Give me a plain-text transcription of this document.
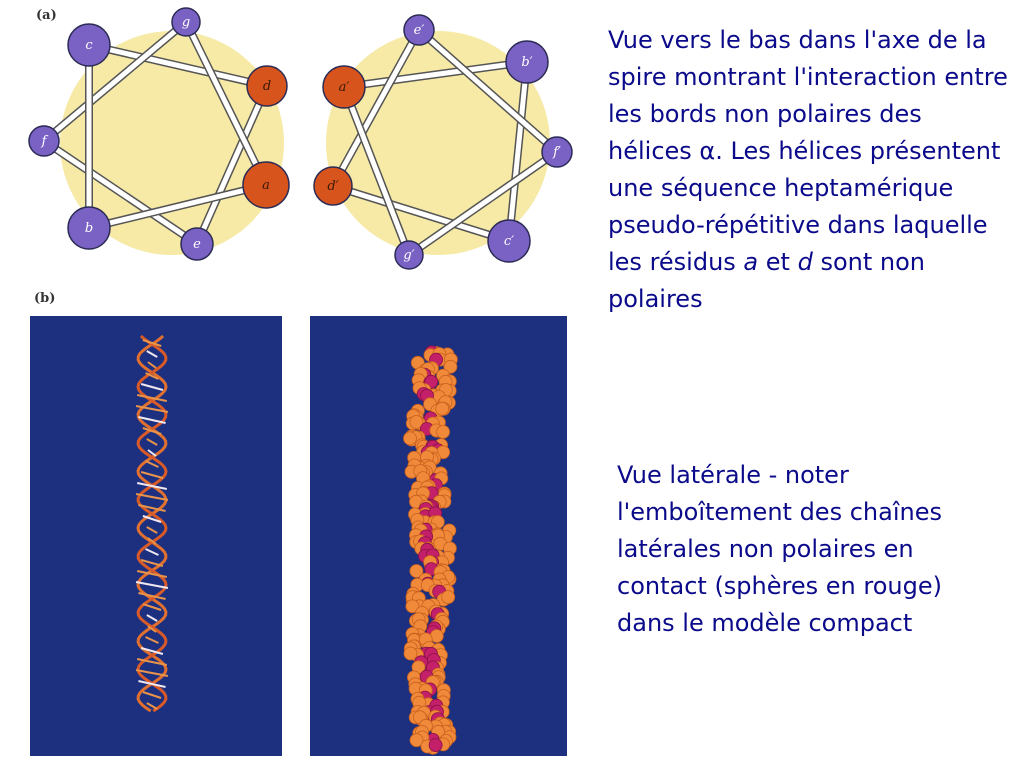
(a)	g
c
d
f
a
b
e
e′
b′
a′
f′
d′
g′
c′
(b)

Vue vers le bas dans l'axe de la spire montrant l'interaction entre les bords non polaires des hélices α. Les hélices présentent une séquence heptamérique pseudo-répétitive dans laquelle les résidus a et d sont non polaires

Vue latérale - noter l'emboîtement des chaînes latérales non polaires en contact (sphères en rouge) dans le modèle compact
